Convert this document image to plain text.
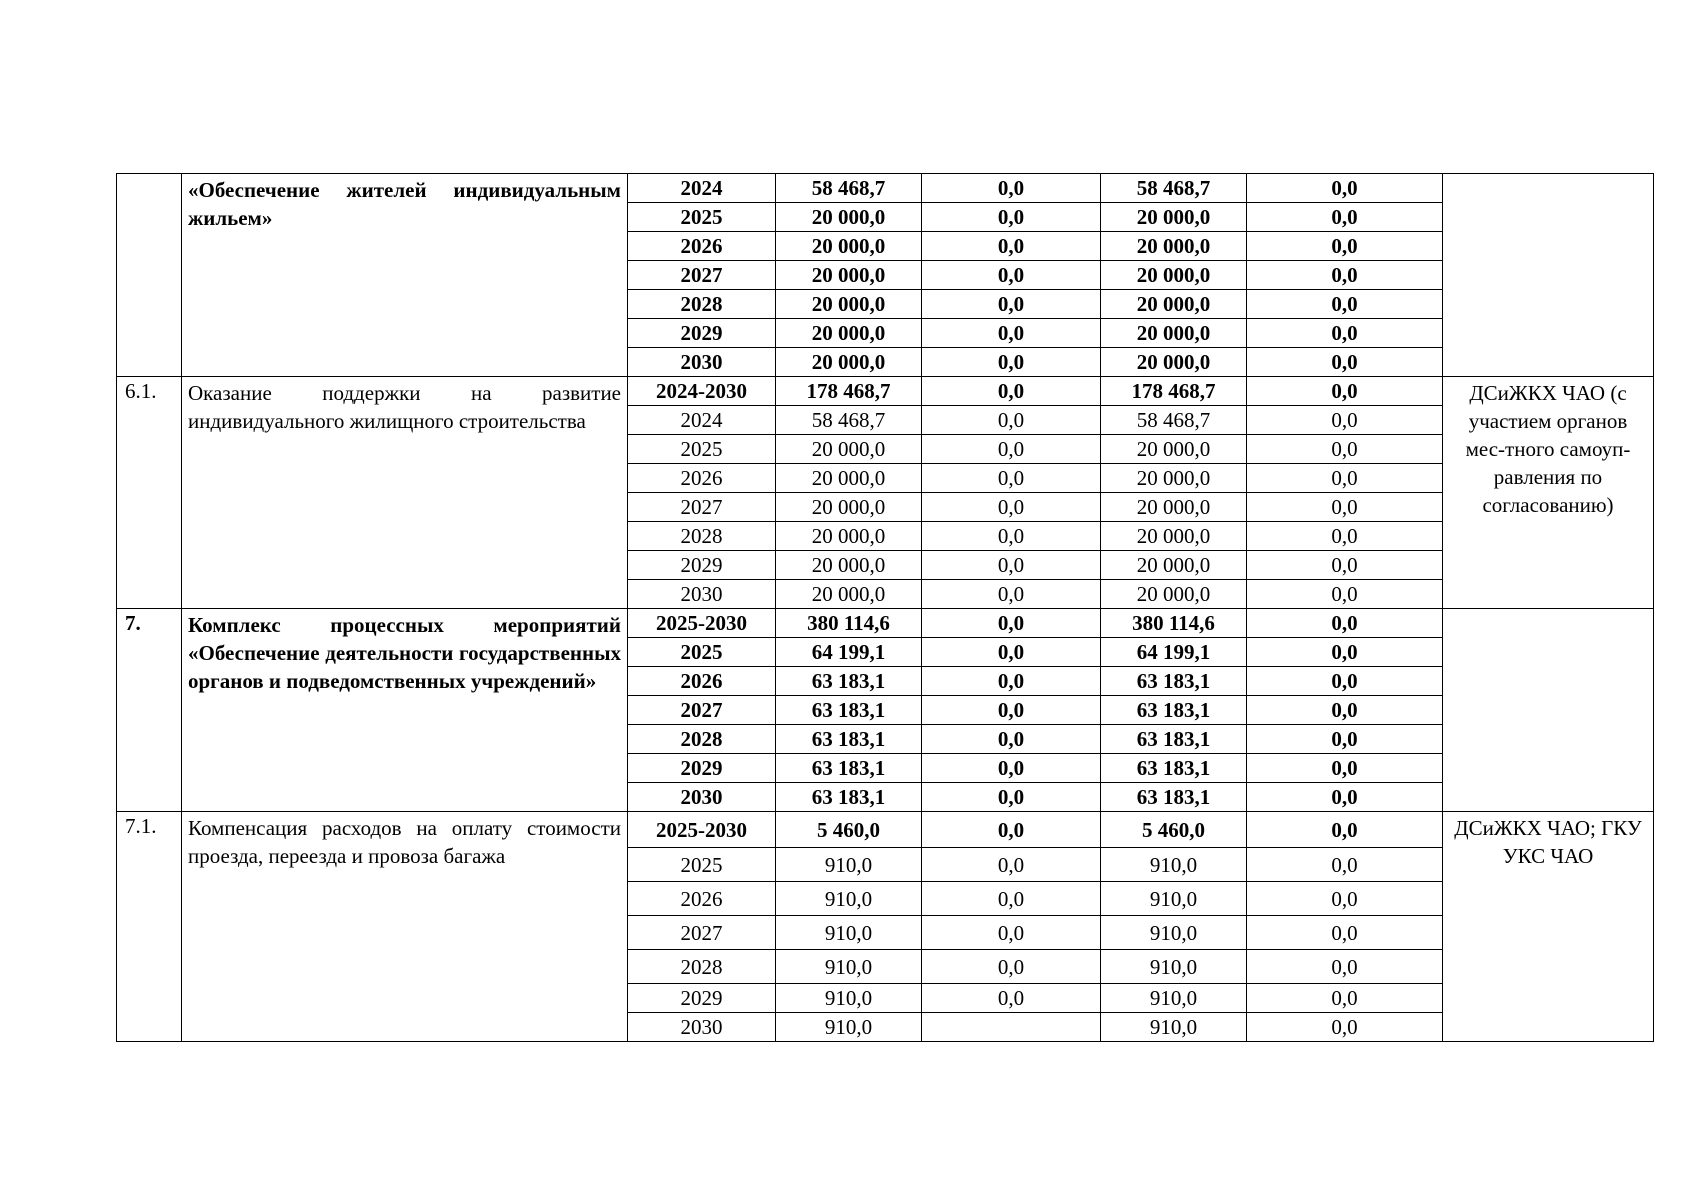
	«Обеспечение жителей индивидуальным жильем»	2024	58 468,7	0,0	58 468,7	0,0	
		2025	20 000,0	0,0	20 000,0	0,0	
		2026	20 000,0	0,0	20 000,0	0,0	
		2027	20 000,0	0,0	20 000,0	0,0	
		2028	20 000,0	0,0	20 000,0	0,0	
		2029	20 000,0	0,0	20 000,0	0,0	
		2030	20 000,0	0,0	20 000,0	0,0	
6.1.	Оказание поддержки на развитие индивидуального жилищного строительства	2024-2030	178 468,7	0,0	178 468,7	0,0	ДСиЖКХ ЧАО (с участием органов мес-тного самоуп-равления по согласованию)
		2024	58 468,7	0,0	58 468,7	0,0	
		2025	20 000,0	0,0	20 000,0	0,0	
		2026	20 000,0	0,0	20 000,0	0,0	
		2027	20 000,0	0,0	20 000,0	0,0	
		2028	20 000,0	0,0	20 000,0	0,0	
		2029	20 000,0	0,0	20 000,0	0,0	
		2030	20 000,0	0,0	20 000,0	0,0	
7.	Комплекс процессных мероприятий «Обеспечение деятельности государственных органов и подведомственных учреждений»	2025-2030	380 114,6	0,0	380 114,6	0,0	
		2025	64 199,1	0,0	64 199,1	0,0	
		2026	63 183,1	0,0	63 183,1	0,0	
		2027	63 183,1	0,0	63 183,1	0,0	
		2028	63 183,1	0,0	63 183,1	0,0	
		2029	63 183,1	0,0	63 183,1	0,0	
		2030	63 183,1	0,0	63 183,1	0,0	
7.1.	Компенсация расходов на оплату стоимости проезда, переезда и провоза багажа	2025-2030	5 460,0	0,0	5 460,0	0,0	ДСиЖКХ ЧАО; ГКУ УКС ЧАО
		2025	910,0	0,0	910,0	0,0	
		2026	910,0	0,0	910,0	0,0	
		2027	910,0	0,0	910,0	0,0	
		2028	910,0	0,0	910,0	0,0	
		2029	910,0	0,0	910,0	0,0	
		2030	910,0		910,0	0,0	
